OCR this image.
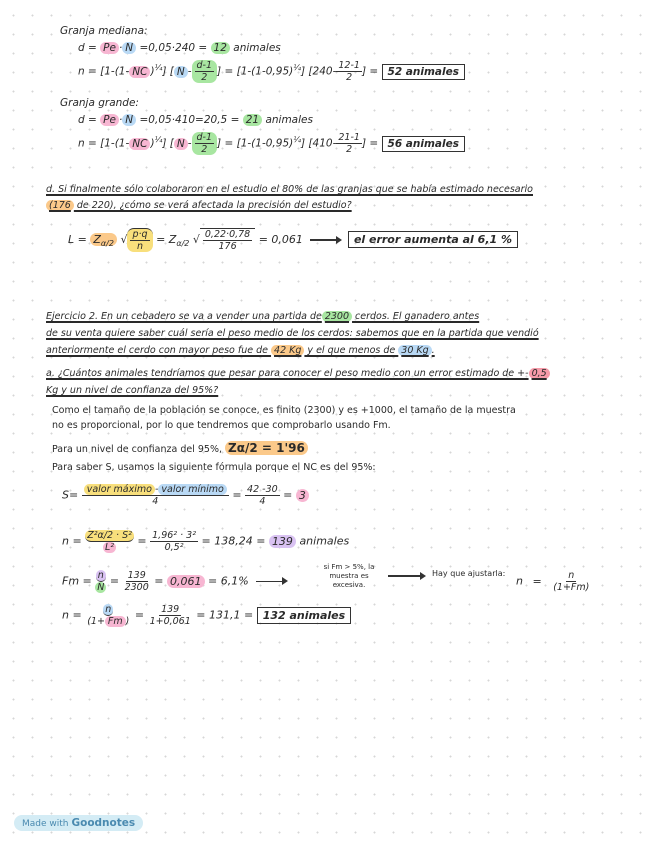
Granja mediana:
d = Pe · N =0,05·240 = 12 animales
n = [1-(1- NC )$^{\frac{1}{4}}$] [ N - $\frac{d-1}{2}$ ] = $[1-(1-0,95)^{\frac{1}{4}}]$ [$240- \frac{12-1}{2}$ ] = 52 animales
Granja grande:
d = Pe · N =0,05·410=20,5 = 21 animales
n = [1-(1- NC )$^{\frac{1}{4}}$] [ N - $\frac{d-1}{2}$ ] = $[1-(1-0,95)^{\frac{1}{4}}]$ [$410- \frac{21-1}{2}$ ] = 56 animales
d. Si finalmente sólo colaboraron en el estudio el 80% de las granjas que se había estimado necesario
(176 de 220), ¿cómo se verá afectada la precisión del estudio?
$L = Z_{\alpha/2}$ √ $\frac{p\cdot q}{n} = Z_{\alpha/2}$ √ $\frac{0,22\cdot 0,78}{176} = 0,061$	el error aumenta al 6,1 %
Ejercicio 2. En un cebadero se va a vender una partida de 2300 cerdos. El ganadero antes
de su venta quiere saber cuál sería el peso medio de los cerdos: sabemos que en la partida que vendió
anteriormente el cerdo con mayor peso fue de 42 Kg y el que menos de 30 Kg .
a. ¿Cuántos animales tendríamos que pesar para conocer el peso medio con un error estimado de +- 0,5
Kg y un nivel de confianza del 95%?
Como el tamaño de la población se conoce, es finito (2300) y es +1000, el tamaño de la muestra
no es proporcional, por lo que tendremos que comprobarlo usando Fm.
Para un nivel de confianza del 95%, Zα/2 = 1'96
Para saber S, usamos la siguiente fórmula porque el NC es del 95%:
$S= \frac{\text{valor máximo - valor mínimo}}{4} = \frac{42 -30}{4} = 3$
$n = \frac{\text{Z²α/2 · S²}}{\text{L²}} = \frac{\text{1,96² · 3²}}{\text{0,5²}} = 138,24 = 139$ animales
$Fm = \frac{n}{N} = \frac{139}{2300} = 0,061 = 6,1\%$
si Fm > 5%, la muestra es excesiva.
Hay que ajustarla:
$n = \frac{n}{(1+Fm)}$
$n = \frac{n}{(1+ Fm )} = \frac{139}{1+0,061} = 131,1 = 132$ animales
Made with Goodnotes
